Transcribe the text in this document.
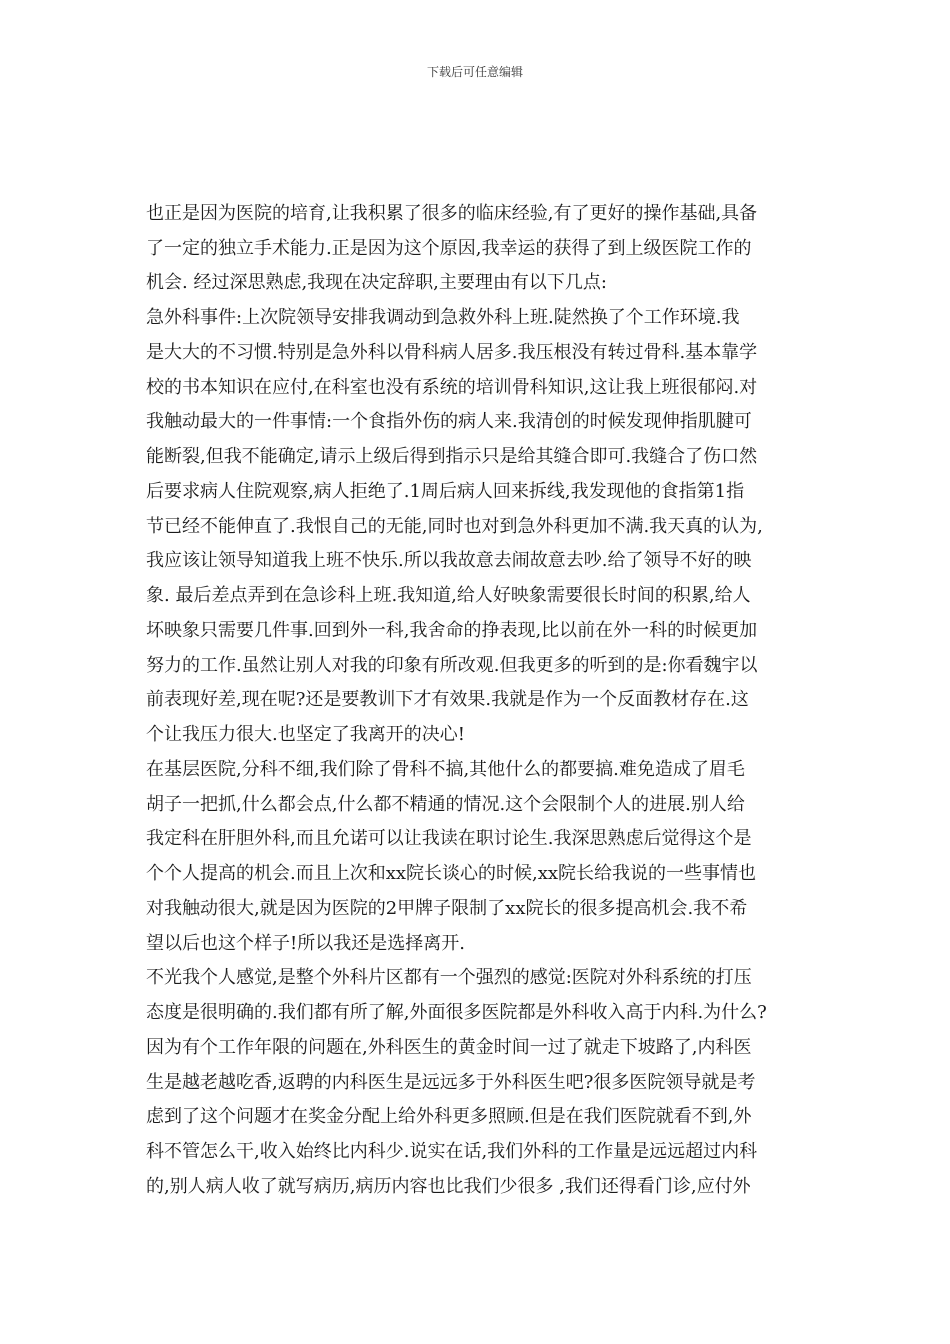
下载后可任意编辑
也正是因为医院的培育,让我积累了很多的临床经验,有了更好的操作基础,具备
了一定的独立手术能力.正是因为这个原因,我幸运的获得了到上级医院工作的
机会. 经过深思熟虑,我现在决定辞职,主要理由有以下几点:
急外科事件:上次院领导安排我调动到急救外科上班.陡然换了个工作环境.我
是大大的不习惯.特别是急外科以骨科病人居多.我压根没有转过骨科.基本靠学
校的书本知识在应付,在科室也没有系统的培训骨科知识,这让我上班很郁闷.对
我触动最大的一件事情:一个食指外伤的病人来.我清创的时候发现伸指肌腱可
能断裂,但我不能确定,请示上级后得到指示只是给其缝合即可.我缝合了伤口然
后要求病人住院观察,病人拒绝了.1周后病人回来拆线,我发现他的食指第1指
节已经不能伸直了.我恨自己的无能,同时也对到急外科更加不满.我天真的认为,
我应该让领导知道我上班不快乐.所以我故意去闹故意去吵.给了领导不好的映
象. 最后差点弄到在急诊科上班.我知道,给人好映象需要很长时间的积累,给人
坏映象只需要几件事.回到外一科,我舍命的挣表现,比以前在外一科的时候更加
努力的工作.虽然让别人对我的印象有所改观.但我更多的听到的是:你看魏宇以
前表现好差,现在呢?还是要教训下才有效果.我就是作为一个反面教材存在.这
个让我压力很大.也坚定了我离开的决心!
在基层医院,分科不细,我们除了骨科不搞,其他什么的都要搞.难免造成了眉毛
胡子一把抓,什么都会点,什么都不精通的情况.这个会限制个人的进展.别人给
我定科在肝胆外科,而且允诺可以让我读在职讨论生.我深思熟虑后觉得这个是
个个人提高的机会.而且上次和xx院长谈心的时候,xx院长给我说的一些事情也
对我触动很大,就是因为医院的2甲牌子限制了xx院长的很多提高机会.我不希
望以后也这个样子!所以我还是选择离开.
不光我个人感觉,是整个外科片区都有一个强烈的感觉:医院对外科系统的打压
态度是很明确的.我们都有所了解,外面很多医院都是外科收入高于内科.为什么?
因为有个工作年限的问题在,外科医生的黄金时间一过了就走下坡路了,内科医
生是越老越吃香,返聘的内科医生是远远多于外科医生吧?很多医院领导就是考
虑到了这个问题才在奖金分配上给外科更多照顾.但是在我们医院就看不到,外
科不管怎么干,收入始终比内科少.说实在话,我们外科的工作量是远远超过内科
的,别人病人收了就写病历,病历内容也比我们少很多 ,我们还得看门诊,应付外
